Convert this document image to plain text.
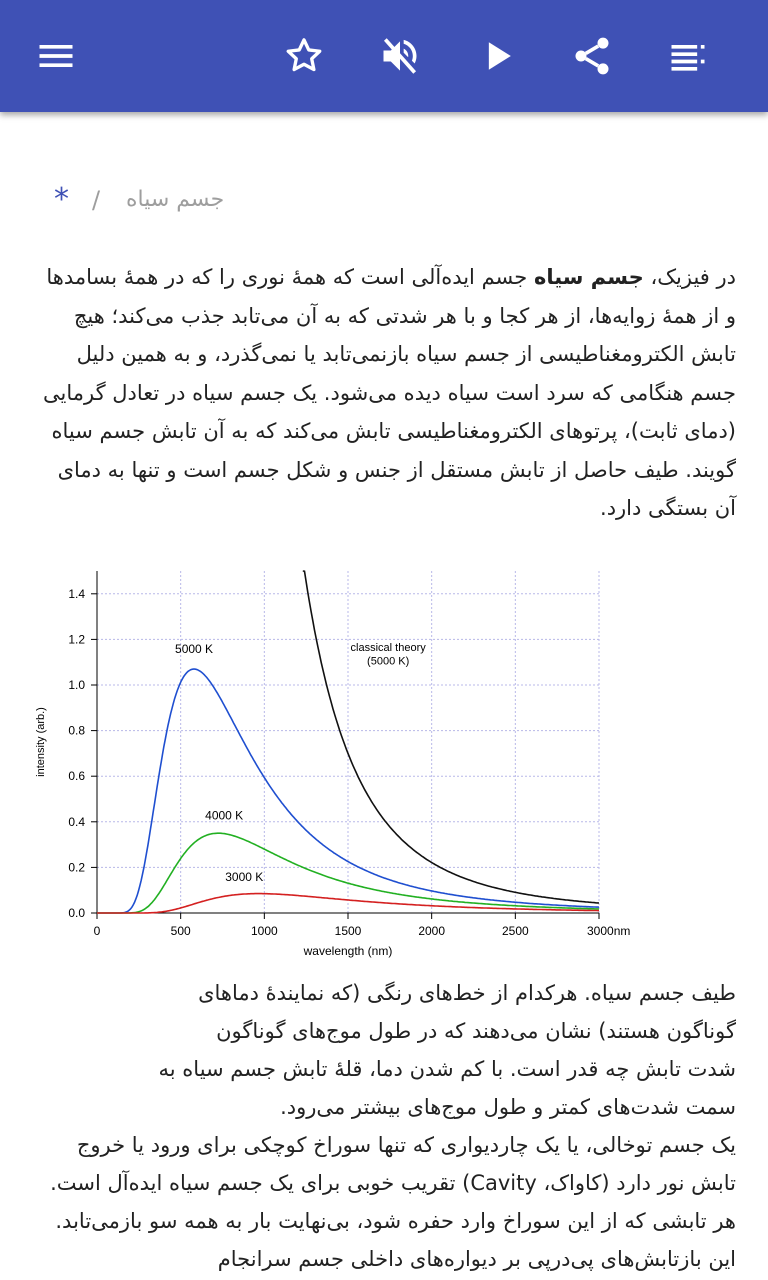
* / جسم سیاه
در فیزیک، جسم سیاه جسم ایده‌آلی است که همهٔ نوری را که در همهٔ بسامدها و از همهٔ زوایه‌ها، از هر کجا و با هر شدتی که به آن می‌تابد جذب می‌کند؛ هیچ تابش الکترومغناطیسی از جسم سیاه بازنمی‌تابد یا نمی‌گذرد، و به همین دلیل جسم هنگامی که سرد است سیاه دیده می‌شود. یک جسم سیاه در تعادل گرمایی (دمای ثابت)، پرتوهای الکترومغناطیسی تابش می‌کند که به آن تابش جسم سیاه گویند. طیف حاصل از تابش مستقل از جنس و شکل جسم است و تنها به دمای آن بستگی دارد.
0	500	1000	1500	2000	2500	3000nm
0.0
0.2
0.4
0.6
0.8
1.0
1.2
1.4
wavelength (nm)
intensity (arb.)
5000 K
4000 K
3000 K
classical theory
(5000 K)
طیف جسم سیاه. هرکدام از خط‌های رنگی (که نمایندهٔ دماهای
گوناگون هستند) نشان می‌دهند که در طول موج‌های گوناگون
شدت تابش چه قدر است. با کم شدن دما، قلهٔ تابش جسم سیاه به
سمت شدت‌های کمتر و طول موج‌های بیشتر می‌رود.
یک جسم توخالی، یا یک چاردیواری که تنها سوراخ کوچکی برای ورود یا خروج تابش نور دارد (کاواک، Cavity) تقریب خوبی برای یک جسم سیاه ایده‌آل است. هر تابشی که از این سوراخ وارد حفره شود، بی‌نهایت بار به همه سو بازمی‌تابد. این بازتابش‌های پی‌درپی بر دیواره‌های داخلی جسم سرانجام
